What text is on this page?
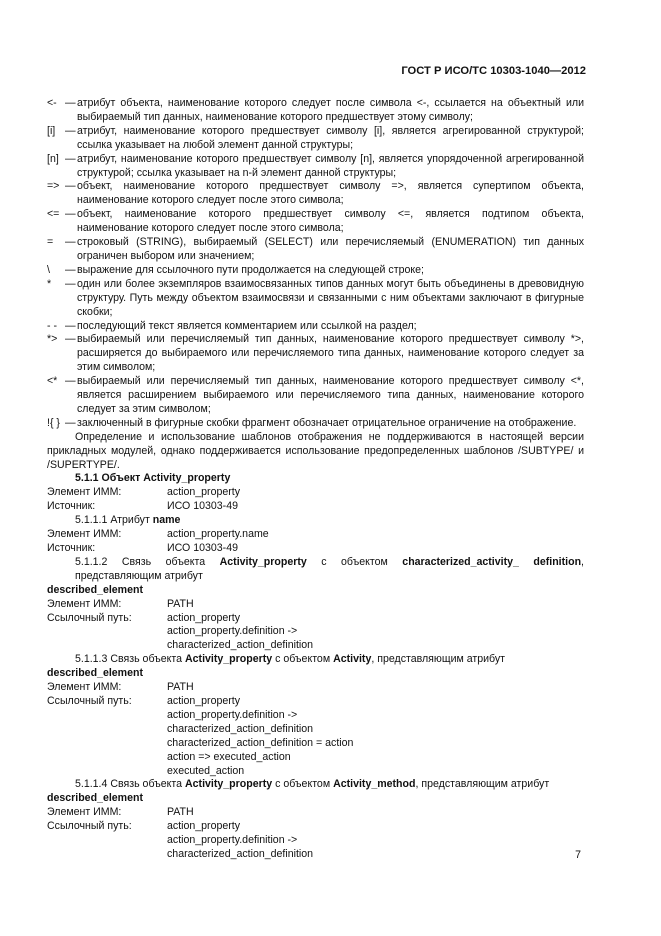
ГОСТ Р ИСО/ТС 10303-1040—2012
<- — атрибут объекта, наименование которого следует после символа <-, ссылается на объектный или выбираемый тип данных, наименование которого предшествует этому символу;
[i] — атрибут, наименование которого предшествует символу [i], является агрегированной структурой; ссылка указывает на любой элемент данной структуры;
[n] — атрибут, наименование которого предшествует символу [n], является упорядоченной агрегированной структурой; ссылка указывает на n-й элемент данной структуры;
=> — объект, наименование которого предшествует символу =>, является супертипом объекта, наименование которого следует после этого символа;
<= — объект, наименование которого предшествует символу <=, является подтипом объекта, наименование которого следует после этого символа;
=	— строковый (STRING), выбираемый (SELECT) или перечисляемый (ENUMERATION) тип данных ограничен выбором или значением;
\	— выражение для ссылочного пути продолжается на следующей строке;
*	— один или более экземпляров взаимосвязанных типов данных могут быть объединены в древовидную структуру. Путь между объектом взаимосвязи и связанными с ним объектами заключают в фигурные скобки;
- - — последующий текст является комментарием или ссылкой на раздел;
*> — выбираемый или перечисляемый тип данных, наименование которого предшествует символу *>, расширяется до выбираемого или перечисляемого типа данных, наименование которого следует за этим символом;
<* — выбираемый или перечисляемый тип данных, наименование которого предшествует символу <*, является расширением выбираемого или перечисляемого типа данных, наименование которого следует за этим символом;
!{ } — заключенный в фигурные скобки фрагмент обозначает отрицательное ограничение на отображение.
Определение и использование шаблонов отображения не поддерживаются в настоящей версии прикладных модулей, однако поддерживается использование предопределенных шаблонов /SUBTYPE/ и /SUPERTYPE/.
5.1.1 Объект Activity_property
Элемент ИММ:	action_property
Источник:	ИСО 10303-49
5.1.1.1 Атрибут name
Элемент ИММ:	action_property.name
Источник:	ИСО 10303-49
5.1.1.2 Связь объекта Activity_property с объектом characterized_activity_ definition, представляющим атрибут
described_element
Элемент ИММ:	PATH
Ссылочный путь:	action_property
action_property.definition ->
characterized_action_definition
5.1.1.3 Связь объекта Activity_property с объектом Activity, представляющим атрибут
described_element
Элемент ИММ:	PATH
Ссылочный путь:	action_property
action_property.definition ->
characterized_action_definition
characterized_action_definition = action
action => executed_action
executed_action
5.1.1.4 Связь объекта Activity_property с объектом Activity_method, представляющим атрибут
described_element
Элемент ИММ:	PATH
Ссылочный путь:	action_property
action_property.definition ->
characterized_action_definition	7
